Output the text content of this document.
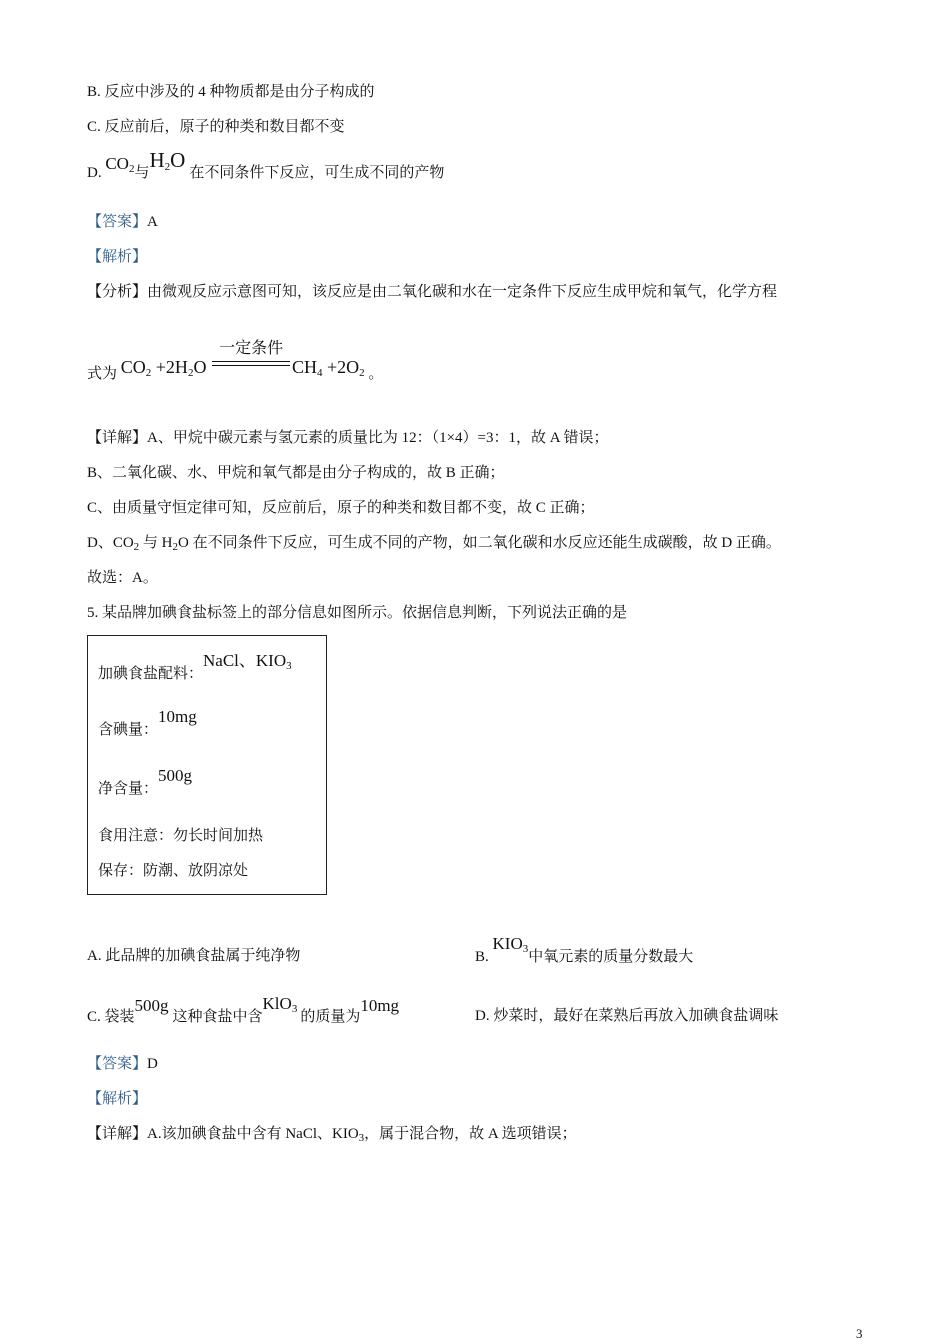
B. 反应中涉及的 4 种物质都是由分子构成的
C. 反应前后，原子的种类和数目都不变
D. $CO_2$与$H_2O$在不同条件下反应，可生成不同的产物
【答案】A
【解析】
【分析】由微观反应示意图可知，该反应是由二氧化碳和水在一定条件下反应生成甲烷和氧气，化学方程
式为 $CO_2 +2H_2O$
一定条件
$CH_4 +2O_2$ 。
【详解】A、甲烷中碳元素与氢元素的质量比为 12：（1×4）=3：1，故 A 错误；
B、二氧化碳、水、甲烷和氧气都是由分子构成的，故 B 正确；
C、由质量守恒定律可知，反应前后，原子的种类和数目都不变，故 C 正确；
D、$CO_2$ 与 $H_2O$ 在不同条件下反应，可生成不同的产物，如二氧化碳和水反应还能生成碳酸，故 D 正确。
故选：A。
5. 某品牌加碘食盐标签上的部分信息如图所示。依据信息判断，下列说法正确的是
加碘食盐配料：NaCl、$KIO_3$
含碘量：10mg
净含量：500g
食用注意：勿长时间加热
保存：防潮、放阴凉处
A. 此品牌的加碘食盐属于纯净物	B. $KIO_3$中氧元素的质量分数最大
C. 袋装500g这种食盐中含KlO$_3$ 的质量为10mg
D. 炒菜时，最好在菜熟后再放入加碘食盐调味
【答案】D
【解析】
【详解】A.该加碘食盐中含有 NaCl、$KIO_3$，属于混合物，故 A 选项错误；
3
